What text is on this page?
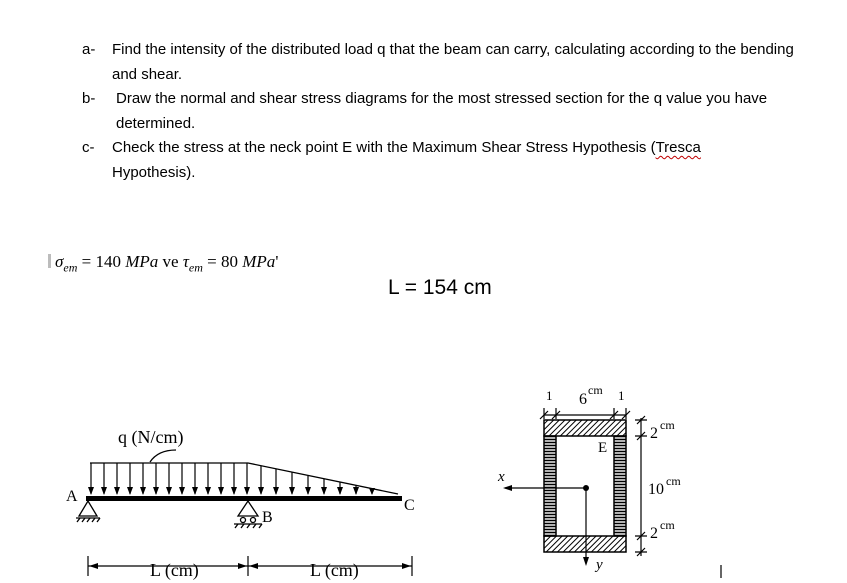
a- Find the intensity of the distributed load q that the beam can carry, calculating according to the bending and shear.
b- Draw the normal and shear stress diagrams for the most stressed section for the q value you have determined.
c- Check the stress at the neck point E with the Maximum Shear Stress Hypothesis (Tresca
Hypothesis).
$\sigma_{em} = 140$ MPa ve $\tau_{em} = 80$ MPa'
L = 154 cm
q (N/cm)
A
B
C
L (cm)	L (cm)
6
cm
1	1
E
x
y
2 cm
10 cm
2 cm
